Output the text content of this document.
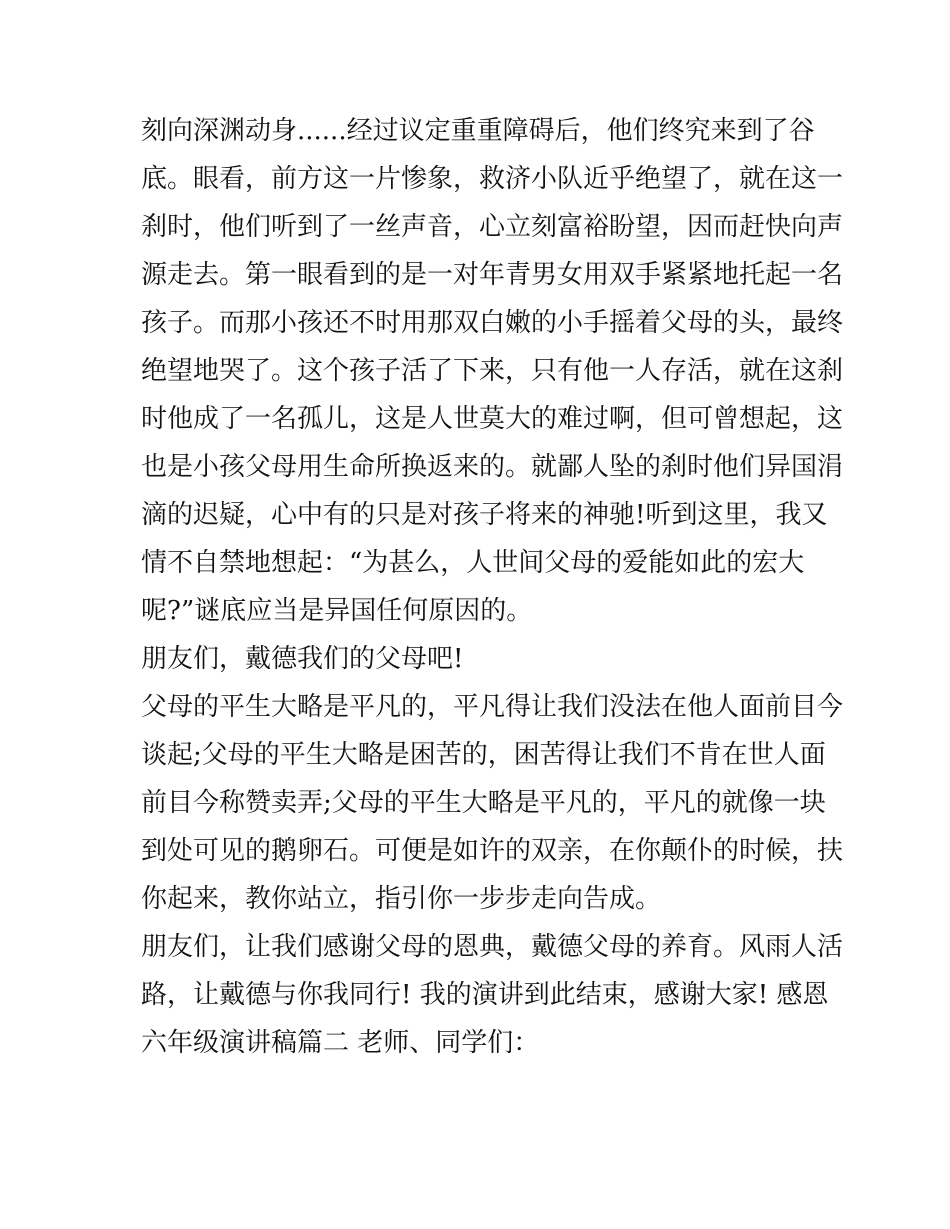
刻向深渊动身......经过议定重重障碍后，他们终究来到了谷
底。眼看，前方这一片惨象，救济小队近乎绝望了，就在这一
刹时，他们听到了一丝声音，心立刻富裕盼望，因而赶快向声
源走去。第一眼看到的是一对年青男女用双手紧紧地托起一名
孩子。而那小孩还不时用那双白嫩的小手摇着父母的头，最终
绝望地哭了。这个孩子活了下来，只有他一人存活，就在这刹
时他成了一名孤儿，这是人世莫大的难过啊，但可曾想起，这
也是小孩父母用生命所换返来的。就鄙人坠的刹时他们异国涓
滴的迟疑，心中有的只是对孩子将来的神驰!听到这里，我又
情不自禁地想起：“为甚么，人世间父母的爱能如此的宏大
呢?”谜底应当是异国任何原因的。
朋友们，戴德我们的父母吧!
父母的平生大略是平凡的，平凡得让我们没法在他人面前目今
谈起;父母的平生大略是困苦的，困苦得让我们不肯在世人面
前目今称赞卖弄;父母的平生大略是平凡的，平凡的就像一块
到处可见的鹅卵石。可便是如许的双亲，在你颠仆的时候，扶
你起来，教你站立，指引你一步步走向告成。
朋友们，让我们感谢父母的恩典，戴德父母的养育。风雨人活
路，让戴德与你我同行! 我的演讲到此结束，感谢大家! 感恩
六年级演讲稿篇二 老师、同学们：
